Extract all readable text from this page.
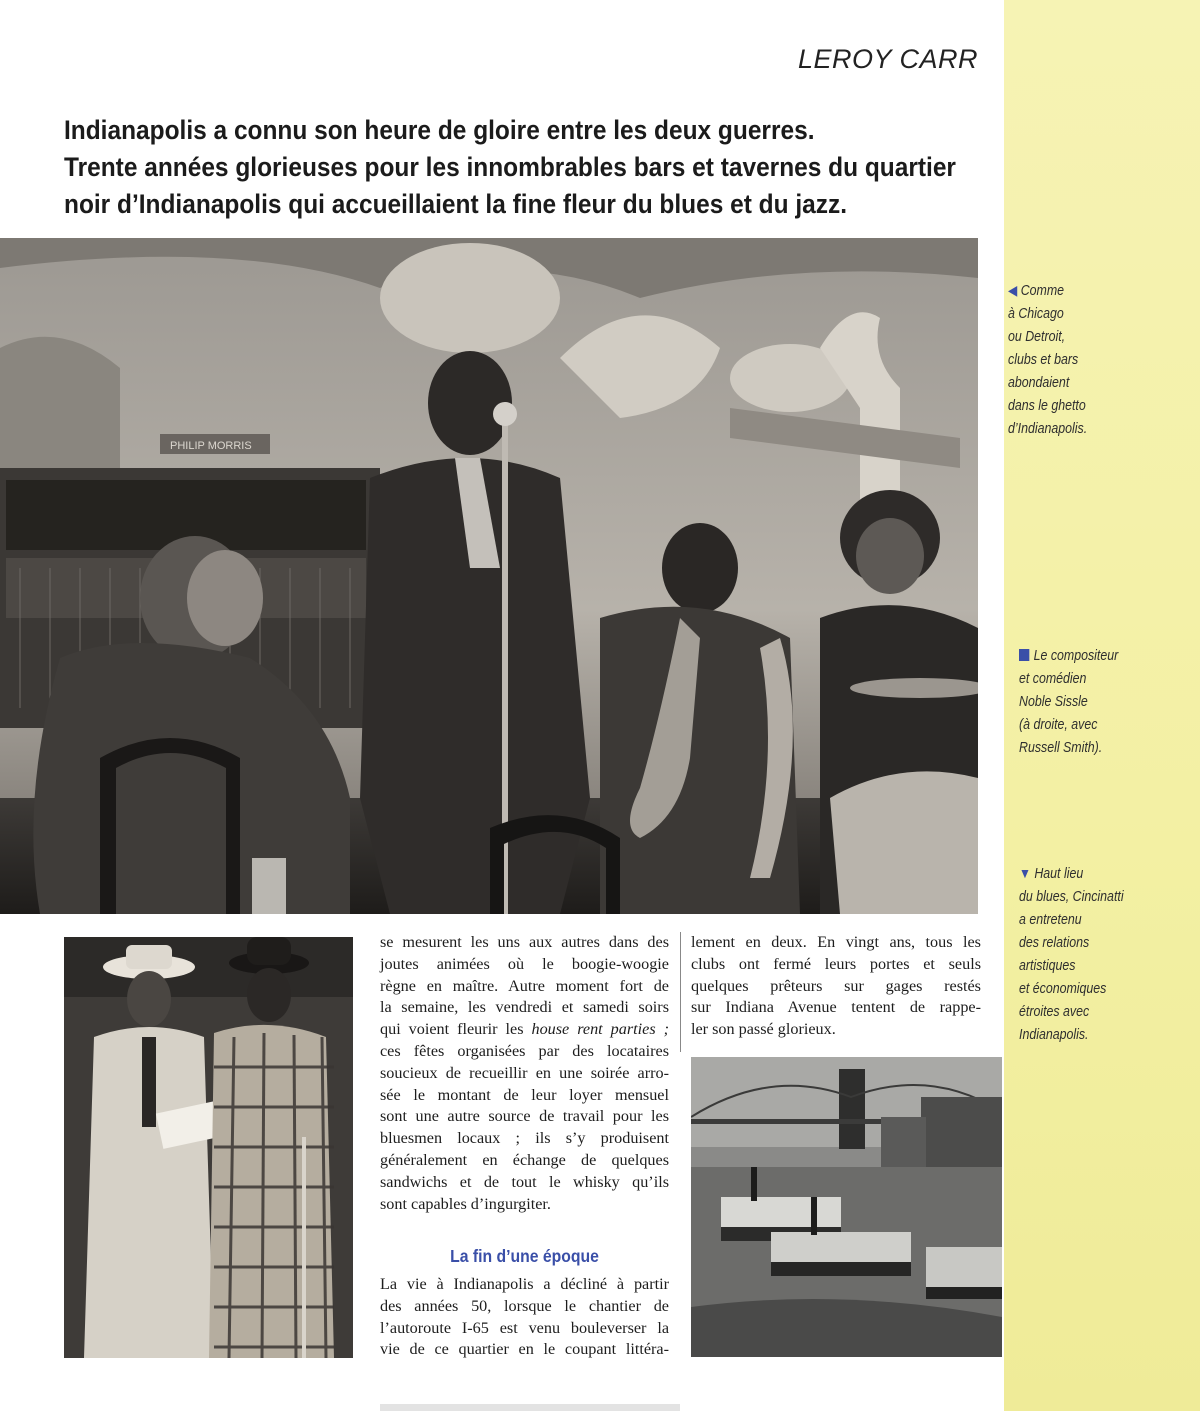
LEROY CARR
Indianapolis a connu son heure de gloire entre les deux guerres.
Trente années glorieuses pour les innombrables bars et tavernes du quartier
noir d’Indianapolis qui accueillaient la fine fleur du blues et du jazz.
PHILIP MORRIS
◀ Comme
à Chicago
ou Detroit,
clubs et bars
abondaient
dans le ghetto
d’Indianapolis.
Le compositeur
et comédien
Noble Sissle
(à droite, avec
Russell Smith).
▼ Haut lieu
du blues, Cincinatti
a entretenu
des relations
artistiques
et économiques
étroites avec
Indianapolis.
se mesurent les uns aux autres dans des
joutes animées où le boogie-woogie
règne en maître. Autre moment fort de
la semaine, les vendredi et samedi soirs
qui voient fleurir les house rent parties ;
ces fêtes organisées par des locataires
soucieux de recueillir en une soirée arro-
sée le montant de leur loyer mensuel
sont une autre source de travail pour les
bluesmen locaux ; ils s’y produisent
généralement en échange de quelques
sandwichs et de tout le whisky qu’ils
sont capables d’ingurgiter.
La fin d’une époque
La vie à Indianapolis a décliné à partir
des années 50, lorsque le chantier de
l’autoroute I-65 est venu bouleverser la
vie de ce quartier en le coupant littéra-
lement en deux. En vingt ans, tous les
clubs ont fermé leurs portes et seuls
quelques prêteurs sur gages restés
sur Indiana Avenue tentent de rappe-
ler son passé glorieux.
